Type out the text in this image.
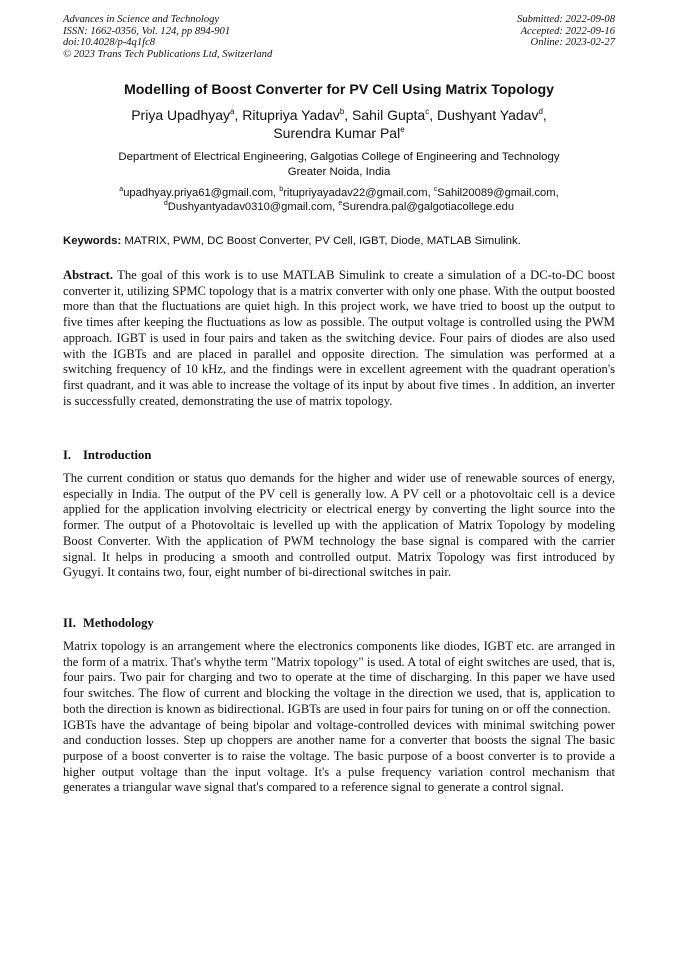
Advances in Science and Technology
ISSN: 1662-0356, Vol. 124, pp 894-901
doi:10.4028/p-4q1fc8
© 2023 Trans Tech Publications Ltd, Switzerland
Submitted: 2022-09-08
Accepted: 2022-09-16
Online: 2023-02-27
Modelling of Boost Converter for PV Cell Using Matrix Topology
Priya Upadhyay$^a$, Ritupriya Yadav$^b$, Sahil Gupta$^c$, Dushyant Yadav$^d$,
Surendra Kumar Pal$^e$
Department of Electrical Engineering, Galgotias College of Engineering and Technology
Greater Noida, India
$^a$upadhyay.priya61@gmail.com, $^b$ritupriyayadav22@gmail.com, $^c$Sahil20089@gmail.com,
$^d$Dushyantyadav0310@gmail.com, $^e$Surendra.pal@galgotiacollege.edu
Keywords: MATRIX, PWM, DC Boost Converter, PV Cell, IGBT, Diode, MATLAB Simulink.
Abstract. The goal of this work is to use MATLAB Simulink to create a simulation of a DC-to-DC boost converter it, utilizing SPMC topology that is a matrix converter with only one phase. With the output boosted more than that the fluctuations are quiet high. In this project work, we have tried to boost up the output to five times after keeping the fluctuations as low as possible. The output voltage is controlled using the PWM approach. IGBT is used in four pairs and taken as the switching device. Four pairs of diodes are also used with the IGBTs and are placed in parallel and opposite direction. The simulation was performed at a switching frequency of 10 kHz, and the findings were in excellent agreement with the quadrant operation's first quadrant, and it was able to increase the voltage of its input by about five times . In addition, an inverter is successfully created, demonstrating the use of matrix topology.
I. Introduction
The current condition or status quo demands for the higher and wider use of renewable sources of energy, especially in India. The output of the PV cell is generally low. A PV cell or a photovoltaic cell is a device applied for the application involving electricity or electrical energy by converting the light source into the former. The output of a Photovoltaic is levelled up with the application of Matrix Topology by modeling Boost Converter. With the application of PWM technology the base signal is compared with the carrier signal. It helps in producing a smooth and controlled output. Matrix Topology was first introduced by Gyugyi. It contains two, four, eight number of bi-directional switches in pair.
II. Methodology

Matrix topology is an arrangement where the electronics components like diodes, IGBT etc. are arranged in the form of a matrix. That's whythe term "Matrix topology" is used. A total of eight switches are used, that is, four pairs. Two pair for charging and two to operate at the time of discharging. In this paper we have used four switches. The flow of current and blocking the voltage in the direction we used, that is, application to both the direction is known as bidirectional. IGBTs are used in four pairs for tuning on or off the connection.

IGBTs have the advantage of being bipolar and voltage-controlled devices with minimal switching power and conduction losses. Step up choppers are another name for a converter that boosts the signal The basic purpose of a boost converter is to raise the voltage. The basic purpose of a boost converter is to provide a higher output voltage than the input voltage. It's a pulse frequency variation control mechanism that generates a triangular wave signal that's compared to a reference signal to generate a control signal.
